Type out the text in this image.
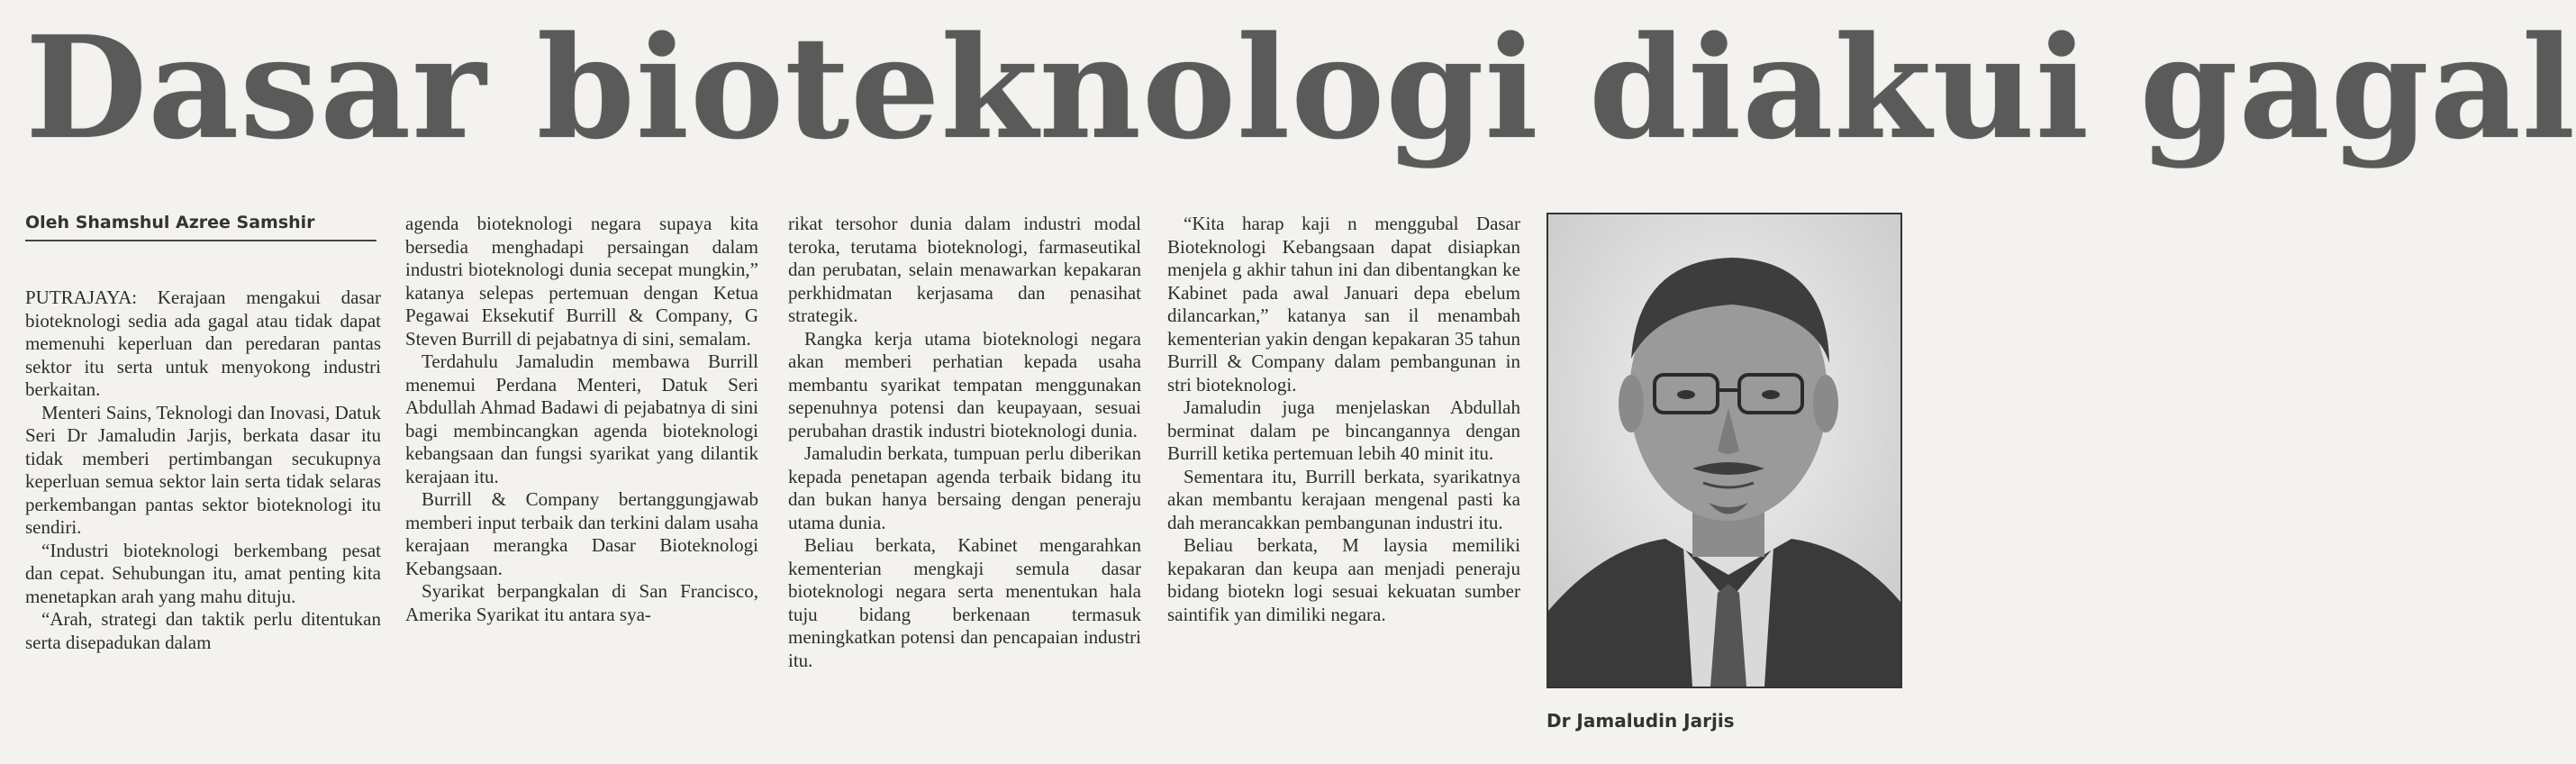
Dasar bioteknologi diakui gagal
Oleh Shamshul Azree Samshir

PUTRAJAYA: Kerajaan mengakui dasar bioteknologi sedia ada gagal atau tidak dapat memenuhi keperluan dan peredaran pantas sektor itu serta untuk menyokong industri berkaitan.

Menteri Sains, Teknologi dan Inovasi, Datuk Seri Dr Jamaludin Jarjis, berkata dasar itu tidak memberi pertimbangan secukupnya keperluan semua sektor lain serta tidak selaras perkembangan pantas sektor bioteknologi itu sendiri.

“Industri bioteknologi berkembang pesat dan cepat. Sehubungan itu, amat penting kita menetapkan arah yang mahu dituju.

“Arah, strategi dan taktik perlu ditentukan serta disepadukan dalam

agenda bioteknologi negara supaya kita bersedia menghadapi persaingan dalam industri bioteknologi dunia secepat mungkin,” katanya selepas pertemuan dengan Ketua Pegawai Eksekutif Burrill & Company, G Steven Burrill di pejabatnya di sini, semalam.

Terdahulu Jamaludin membawa Burrill menemui Perdana Menteri, Datuk Seri Abdullah Ahmad Badawi di pejabatnya di sini bagi membincangkan agenda bioteknologi kebangsaan dan fungsi syarikat yang dilantik kerajaan itu.

Burrill & Company bertanggungjawab memberi input terbaik dan terkini dalam usaha kerajaan merangka Dasar Bioteknologi Kebangsaan.

Syarikat berpangkalan di San Francisco, Amerika Syarikat itu antara sya-

rikat tersohor dunia dalam industri modal teroka, terutama bioteknologi, farmaseutikal dan perubatan, selain menawarkan kepakaran perkhidmatan kerjasama dan penasihat strategik.

Rangka kerja utama bioteknologi negara akan memberi perhatian kepada usaha membantu syarikat tempatan menggunakan sepenuhnya potensi dan keupayaan, sesuai perubahan drastik industri bioteknologi dunia.

Jamaludin berkata, tumpuan perlu diberikan kepada penetapan agenda terbaik bidang itu dan bukan hanya bersaing dengan peneraju utama dunia.

Beliau berkata, Kabinet mengarahkan kementerian mengkaji semula dasar bioteknologi negara serta menentukan hala tuju bidang berkenaan termasuk meningkatkan potensi dan pencapaian industri itu.

“Kita harap kaji n menggubal Dasar Bioteknologi Kebangsaan dapat disiapkan menjela g akhir tahun ini dan dibentangkan ke Kabinet pada awal Januari depa ebelum dilancarkan,” katanya san il menambah kementerian yakin dengan kepakaran 35 tahun Burrill & Company dalam pembangunan in stri bioteknologi.

Jamaludin juga menjelaskan Abdullah berminat dalam pe bincangannya dengan Burrill ketika pertemuan lebih 40 minit itu.

Sementara itu, Burrill berkata, syarikatnya akan membantu kerajaan mengenal pasti ka dah merancakkan pembangunan industri itu.

Beliau berkata, M laysia memiliki kepakaran dan keupa aan menjadi peneraju bidang biotekn logi sesuai kekuatan sumber saintifik yan dimiliki negara.

Dr Jamaludin Jarjis
